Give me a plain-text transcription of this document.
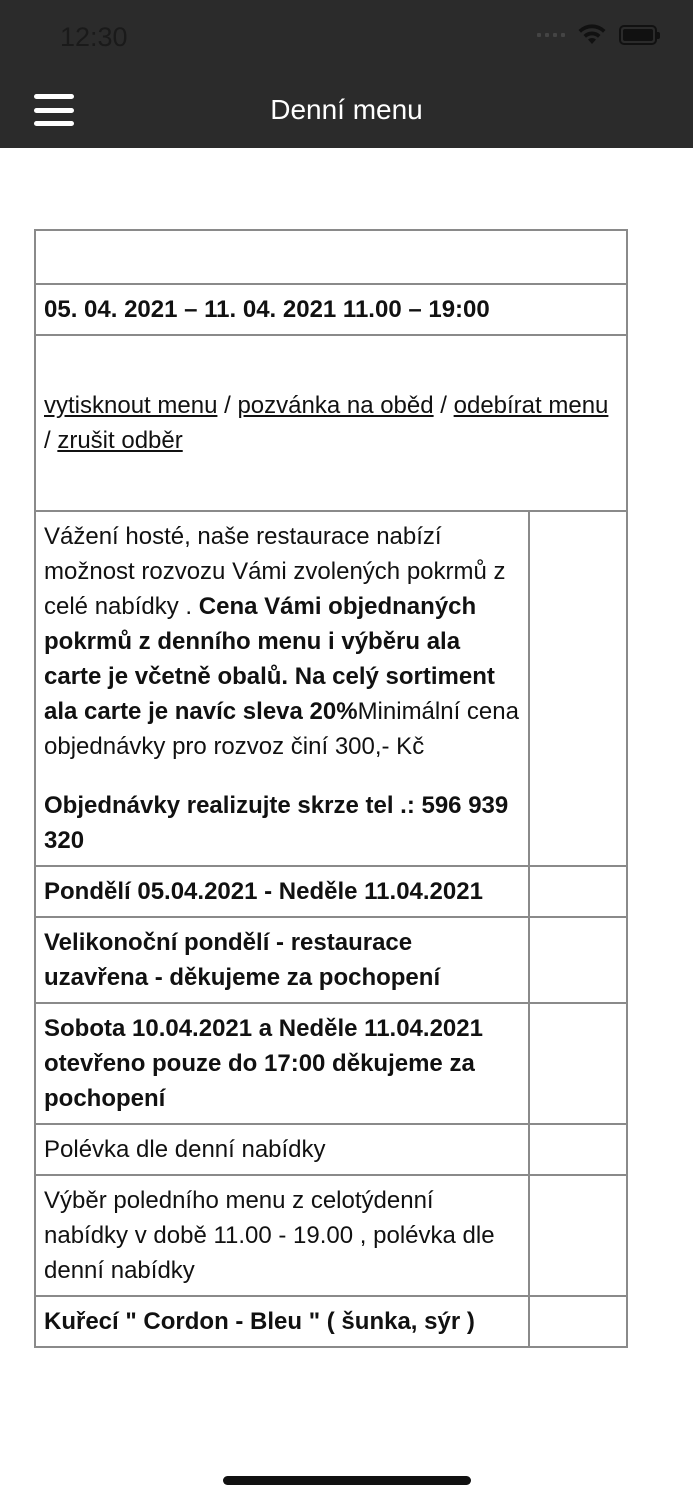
12:30
Denní menu

05. 04. 2021 – 11. 04. 2021 11.00 – 19:00	
vytisknout menu / pozvánka na oběd / odebírat menu / zrušit odběr	

Vážení hosté, naše restaurace nabízí možnost rozvozu Vámi zvolených pokrmů z celé nabídky . Cena Vámi objednaných pokrmů z denního menu i výběru ala carte je včetně obalů. Na celý sortiment ala carte je navíc sleva 20%Minimální cena objednávky pro rozvoz činí 300,- Kč
Objednávky realizujte skrze tel .: 596 939 320	

Pondělí 05.04.2021 - Neděle 11.04.2021	
Velikonoční pondělí - restaurace uzavřena - děkujeme za pochopení	
Sobota 10.04.2021 a Neděle 11.04.2021 otevřeno pouze do 17:00 děkujeme za pochopení	
Polévka dle denní nabídky	
Výběr poledního menu z celotýdenní nabídky v době 11.00 - 19.00 , polévka dle denní nabídky	
Kuřecí " Cordon - Bleu " ( šunka, sýr )	
